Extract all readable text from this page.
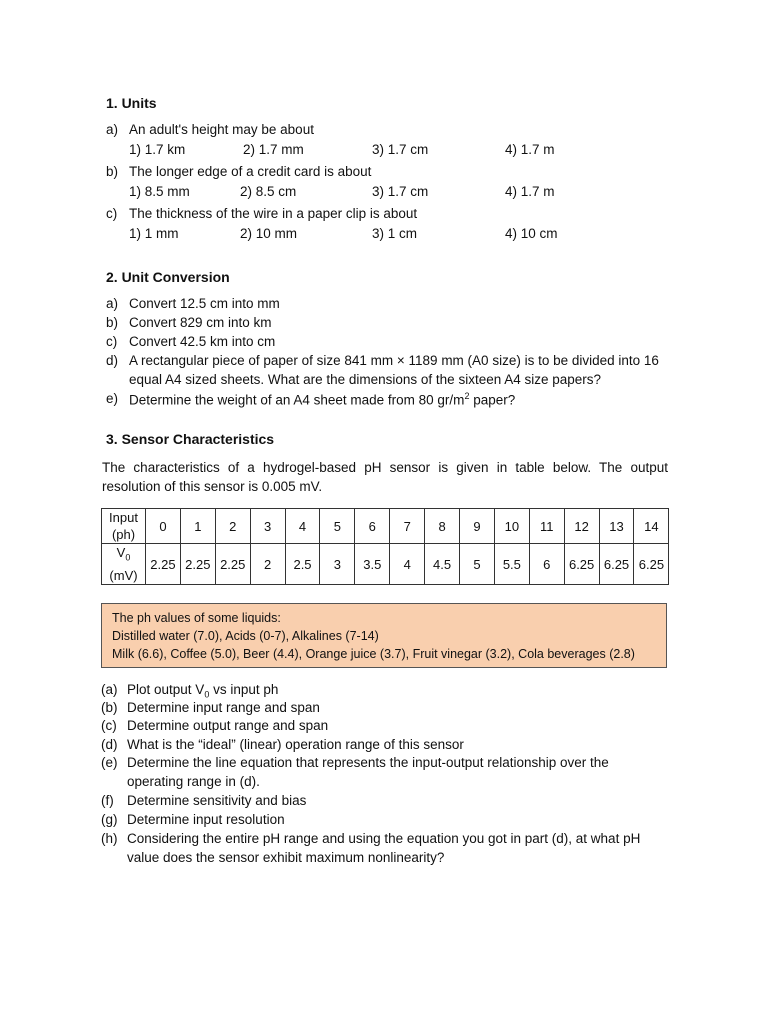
1. Units
a) An adult's height may be about
1) 1.7 km	2) 1.7 mm	3) 1.7 cm	4) 1.7 m
b) The longer edge of a credit card is about
1) 8.5 mm	2) 8.5 cm	3) 1.7 cm	4) 1.7 m
c) The thickness of the wire in a paper clip is about
1) 1 mm	2) 10 mm	3) 1 cm	4) 10 cm
2. Unit Conversion
a) Convert 12.5 cm into mm
b) Convert 829 cm into km
c) Convert 42.5 km into cm
d) A rectangular piece of paper of size 841 mm × 1189 mm (A0 size) is to be divided into 16
equal A4 sized sheets. What are the dimensions of the sixteen A4 size papers?
e) Determine the weight of an A4 sheet made from 80 $gr/m^2$ paper?
3. Sensor Characteristics
The characteristics of a hydrogel-based pH sensor is given in table below. The output resolution of this sensor is 0.005 mV.
Input
(ph)	0	1	2	3	4	5	6	7	8	9	10	11	12	13	14
$V_0$
(mV)	2.25	2.25	2.25	2	2.5	3	3.5	4	4.5	5	5.5	6	6.25	6.25	6.25
The ph values of some liquids:
Distilled water (7.0), Acids (0-7), Alkalines (7-14)
Milk (6.6), Coffee (5.0), Beer (4.4), Orange juice (3.7), Fruit vinegar (3.2), Cola beverages (2.8)
(a) Plot output $V_0$ vs input ph
(b) Determine input range and span
(c) Determine output range and span
(d) What is the “ideal” (linear) operation range of this sensor
(e) Determine the line equation that represents the input-output relationship over the
operating range in (d).
(f) Determine sensitivity and bias
(g) Determine input resolution
(h) Considering the entire pH range and using the equation you got in part (d), at what pH
value does the sensor exhibit maximum nonlinearity?
